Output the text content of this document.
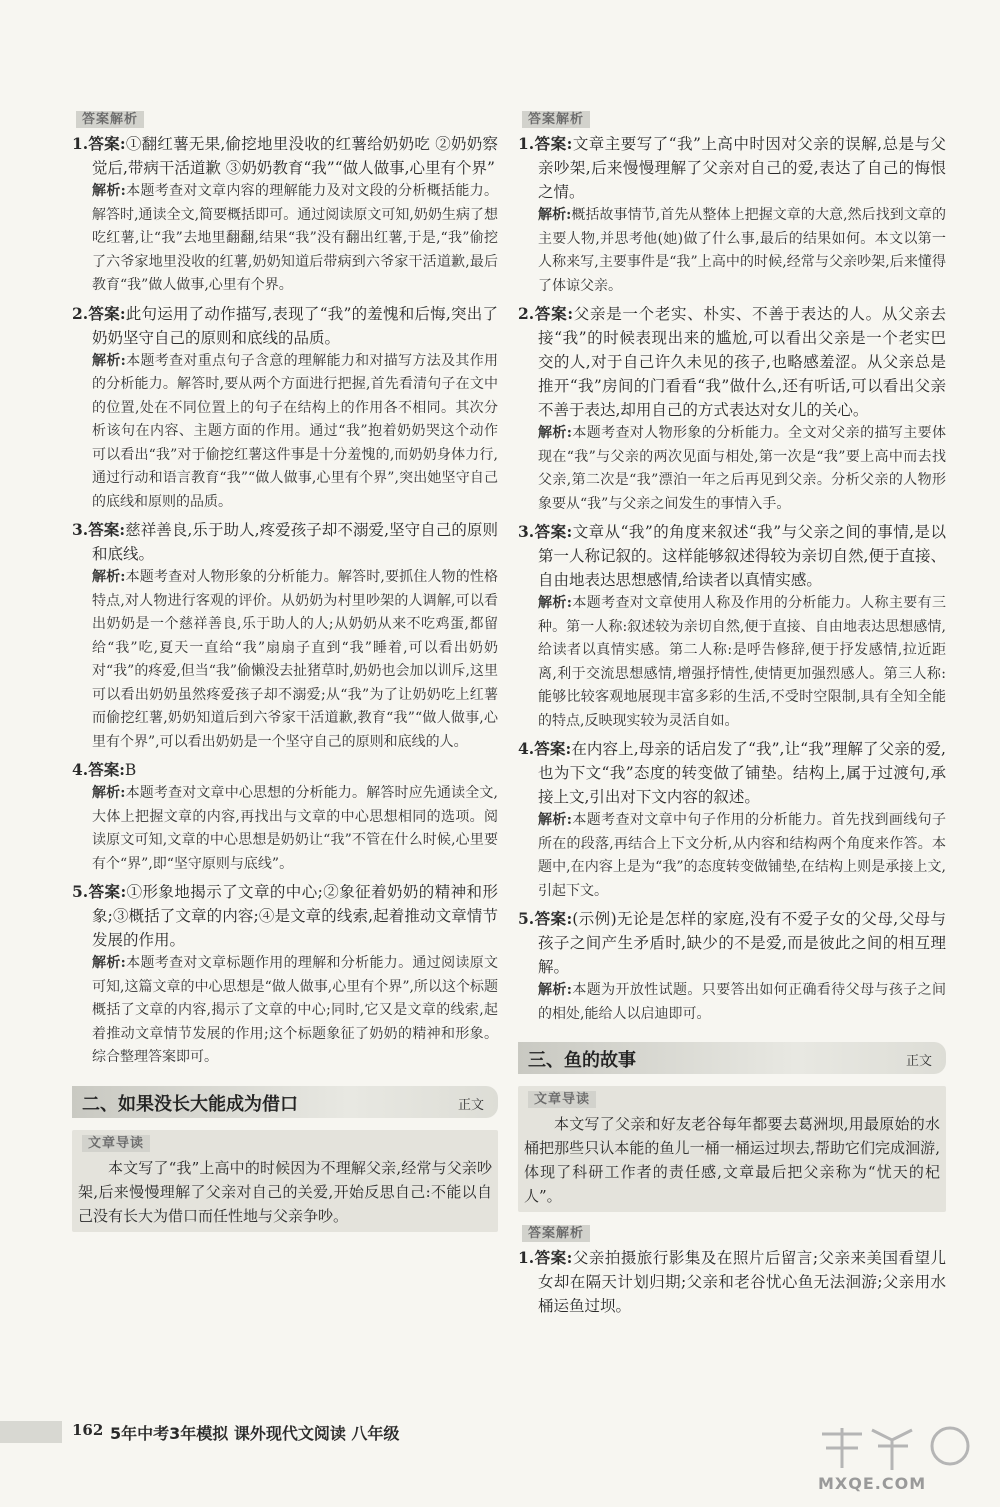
答案解析

1.答案:①翻红薯无果,偷挖地里没收的红薯给奶奶吃 ②奶奶察觉后,带病干活道歉 ③奶奶教育“我”“做人做事,心里有个界”

解析:本题考查对文章内容的理解能力及对文段的分析概括能力。解答时,通读全文,简要概括即可。通过阅读原文可知,奶奶生病了想吃红薯,让“我”去地里翻翻,结果“我”没有翻出红薯,于是,“我”偷挖了六爷家地里没收的红薯,奶奶知道后带病到六爷家干活道歉,最后教育“我”做人做事,心里有个界。

2.答案:此句运用了动作描写,表现了“我”的羞愧和后悔,突出了奶奶坚守自己的原则和底线的品质。

解析:本题考查对重点句子含意的理解能力和对描写方法及其作用的分析能力。解答时,要从两个方面进行把握,首先看清句子在文中的位置,处在不同位置上的句子在结构上的作用各不相同。其次分析该句在内容、主题方面的作用。通过“我”抱着奶奶哭这个动作可以看出“我”对于偷挖红薯这件事是十分羞愧的,而奶奶身体力行,通过行动和语言教育“我”“做人做事,心里有个界”,突出她坚守自己的底线和原则的品质。

3.答案:慈祥善良,乐于助人,疼爱孩子却不溺爱,坚守自己的原则和底线。

解析:本题考查对人物形象的分析能力。解答时,要抓住人物的性格特点,对人物进行客观的评价。从奶奶为村里吵架的人调解,可以看出奶奶是一个慈祥善良,乐于助人的人;从奶奶从来不吃鸡蛋,都留给“我”吃,夏天一直给“我”扇扇子直到“我”睡着,可以看出奶奶对“我”的疼爱,但当“我”偷懒没去扯猪草时,奶奶也会加以训斥,这里可以看出奶奶虽然疼爱孩子却不溺爱;从“我”为了让奶奶吃上红薯而偷挖红薯,奶奶知道后到六爷家干活道歉,教育“我”“做人做事,心里有个界”,可以看出奶奶是一个坚守自己的原则和底线的人。

4.答案:B

解析:本题考查对文章中心思想的分析能力。解答时应先通读全文,大体上把握文章的内容,再找出与文章的中心思想相同的选项。阅读原文可知,文章的中心思想是奶奶让“我”不管在什么时候,心里要有个“界”,即“坚守原则与底线”。

5.答案:①形象地揭示了文章的中心;②象征着奶奶的精神和形象;③概括了文章的内容;④是文章的线索,起着推动文章情节发展的作用。

解析:本题考查对文章标题作用的理解和分析能力。通过阅读原文可知,这篇文章的中心思想是“做人做事,心里有个界”,所以这个标题概括了文章的内容,揭示了文章的中心;同时,它又是文章的线索,起着推动文章情节发展的作用;这个标题象征了奶奶的精神和形象。综合整理答案即可。

二、如果没长大能成为借口	正文
文章导读

本文写了“我”上高中的时候因为不理解父亲,经常与父亲吵架,后来慢慢理解了父亲对自己的关爱,开始反思自己:不能以自己没有长大为借口而任性地与父亲争吵。

答案解析

1.答案:文章主要写了“我”上高中时因对父亲的误解,总是与父亲吵架,后来慢慢理解了父亲对自己的爱,表达了自己的悔恨之情。

解析:概括故事情节,首先从整体上把握文章的大意,然后找到文章的主要人物,并思考他(她)做了什么事,最后的结果如何。本文以第一人称来写,主要事件是“我”上高中的时候,经常与父亲吵架,后来懂得了体谅父亲。

2.答案:父亲是一个老实、朴实、不善于表达的人。从父亲去接“我”的时候表现出来的尴尬,可以看出父亲是一个老实巴交的人,对于自己许久未见的孩子,也略感羞涩。从父亲总是推开“我”房间的门看看“我”做什么,还有听话,可以看出父亲不善于表达,却用自己的方式表达对女儿的关心。

解析:本题考查对人物形象的分析能力。全文对父亲的描写主要体现在“我”与父亲的两次见面与相处,第一次是“我”要上高中而去找父亲,第二次是“我”漂泊一年之后再见到父亲。分析父亲的人物形象要从“我”与父亲之间发生的事情入手。

3.答案:文章从“我”的角度来叙述“我”与父亲之间的事情,是以第一人称记叙的。这样能够叙述得较为亲切自然,便于直接、自由地表达思想感情,给读者以真情实感。

解析:本题考查对文章使用人称及作用的分析能力。人称主要有三种。第一人称:叙述较为亲切自然,便于直接、自由地表达思想感情,给读者以真情实感。第二人称:是呼告修辞,便于抒发感情,拉近距离,利于交流思想感情,增强抒情性,使情更加强烈感人。第三人称:能够比较客观地展现丰富多彩的生活,不受时空限制,具有全知全能的特点,反映现实较为灵活自如。

4.答案:在内容上,母亲的话启发了“我”,让“我”理解了父亲的爱,也为下文“我”态度的转变做了铺垫。结构上,属于过渡句,承接上文,引出对下文内容的叙述。

解析:本题考查对文章中句子作用的分析能力。首先找到画线句子所在的段落,再结合上下文分析,从内容和结构两个角度来作答。本题中,在内容上是为“我”的态度转变做铺垫,在结构上则是承接上文,引起下文。

5.答案:(示例)无论是怎样的家庭,没有不爱子女的父母,父母与孩子之间产生矛盾时,缺少的不是爱,而是彼此之间的相互理解。

解析:本题为开放性试题。只要答出如何正确看待父母与孩子之间的相处,能给人以启迪即可。

三、鱼的故事	正文
文章导读

本文写了父亲和好友老谷每年都要去葛洲坝,用最原始的水桶把那些只认本能的鱼儿一桶一桶运过坝去,帮助它们完成洄游,体现了科研工作者的责任感,文章最后把父亲称为“忧天的杞人”。

答案解析

1.答案:父亲拍摄旅行影集及在照片后留言;父亲来美国看望儿女却在隔天计划归期;父亲和老谷忧心鱼无法洄游;父亲用水桶运鱼过坝。

162 5年中考3年模拟 课外现代文阅读 八年级
MXQE.COM
